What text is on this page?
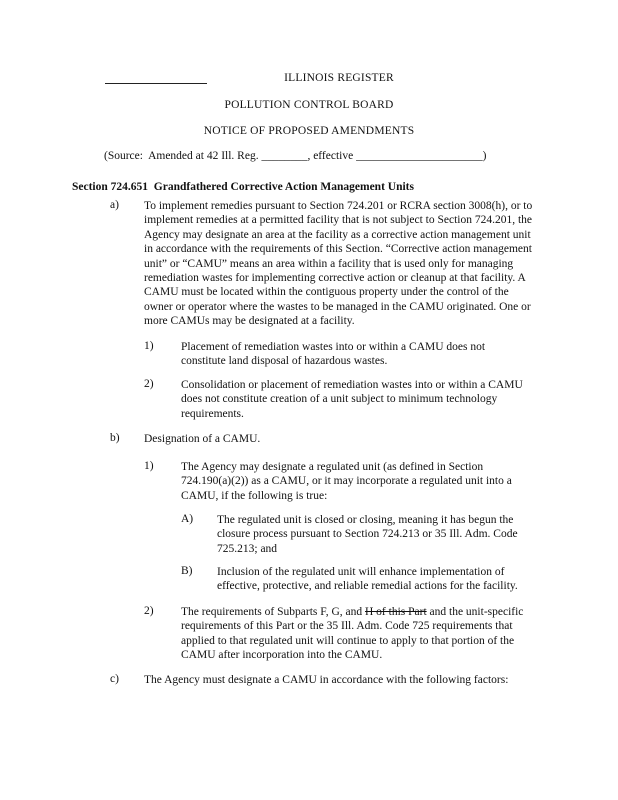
ILLINOIS REGISTER
POLLUTION CONTROL BOARD
NOTICE OF PROPOSED AMENDMENTS
(Source:  Amended at 42 Ill. Reg. ________, effective ______________________)
Section 724.651 Grandfathered Corrective Action Management Units
a) To implement remedies pursuant to Section 724.201 or RCRA section 3008(h), or to implement remedies at a permitted facility that is not subject to Section 724.201, the Agency may designate an area at the facility as a corrective action management unit in accordance with the requirements of this Section. “Corrective action management unit” or “CAMU” means an area within a facility that is used only for managing remediation wastes for implementing corrective action or cleanup at that facility. A CAMU must be located within the contiguous property under the control of the owner or operator where the wastes to be managed in the CAMU originated. One or more CAMUs may be designated at a facility.
1) Placement of remediation wastes into or within a CAMU does not constitute land disposal of hazardous wastes.
2) Consolidation or placement of remediation wastes into or within a CAMU does not constitute creation of a unit subject to minimum technology requirements.
b) Designation of a CAMU.
1) The Agency may designate a regulated unit (as defined in Section 724.190(a)(2)) as a CAMU, or it may incorporate a regulated unit into a CAMU, if the following is true:
A) The regulated unit is closed or closing, meaning it has begun the closure process pursuant to Section 724.213 or 35 Ill. Adm. Code 725.213; and
B) Inclusion of the regulated unit will enhance implementation of effective, protective, and reliable remedial actions for the facility.
2) The requirements of Subparts F, G, and H of this Part and the unit-specific requirements of this Part or the 35 Ill. Adm. Code 725 requirements that applied to that regulated unit will continue to apply to that portion of the CAMU after incorporation into the CAMU.
c) The Agency must designate a CAMU in accordance with the following factors:
